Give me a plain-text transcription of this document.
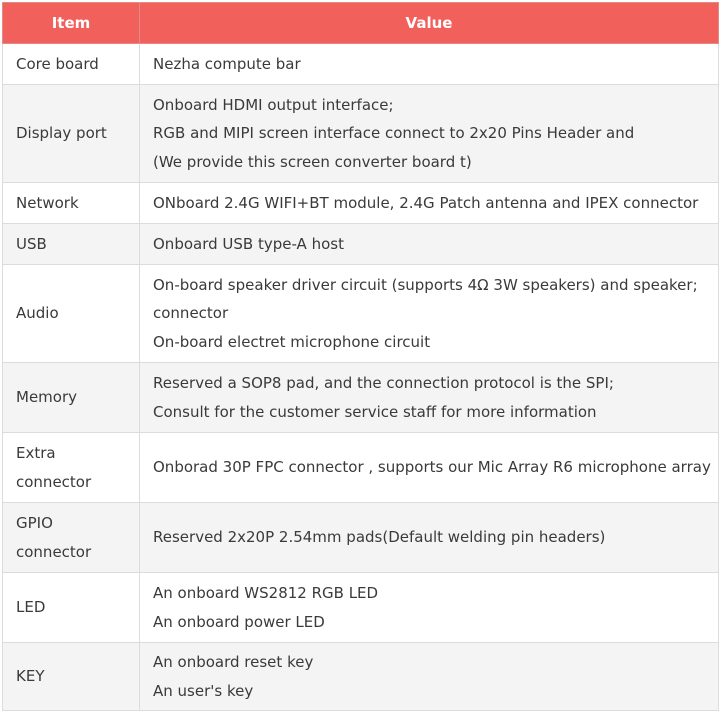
Item	Value

Core board	Nezha compute bar

Display port	Onboard HDMI output interface;
RGB and MIPI screen interface connect to 2x20 Pins Header and
(We provide this screen converter board t)

Network	ONboard 2.4G WIFI+BT module, 2.4G Patch antenna and IPEX connector

USB	Onboard USB type-A host

Audio	On-board speaker driver circuit (supports 4Ω 3W speakers) and speaker;
connector
On-board electret microphone circuit

Memory	Reserved a SOP8 pad, and the connection protocol is the SPI;
Consult for the customer service staff for more information

Extra
connector	Onborad 30P FPC connector , supports our Mic Array R6 microphone array

GPIO
connector	Reserved 2x20P 2.54mm pads(Default welding pin headers)

LED	An onboard WS2812 RGB LED
An onboard power LED

KEY	An onboard reset key
An user's key
